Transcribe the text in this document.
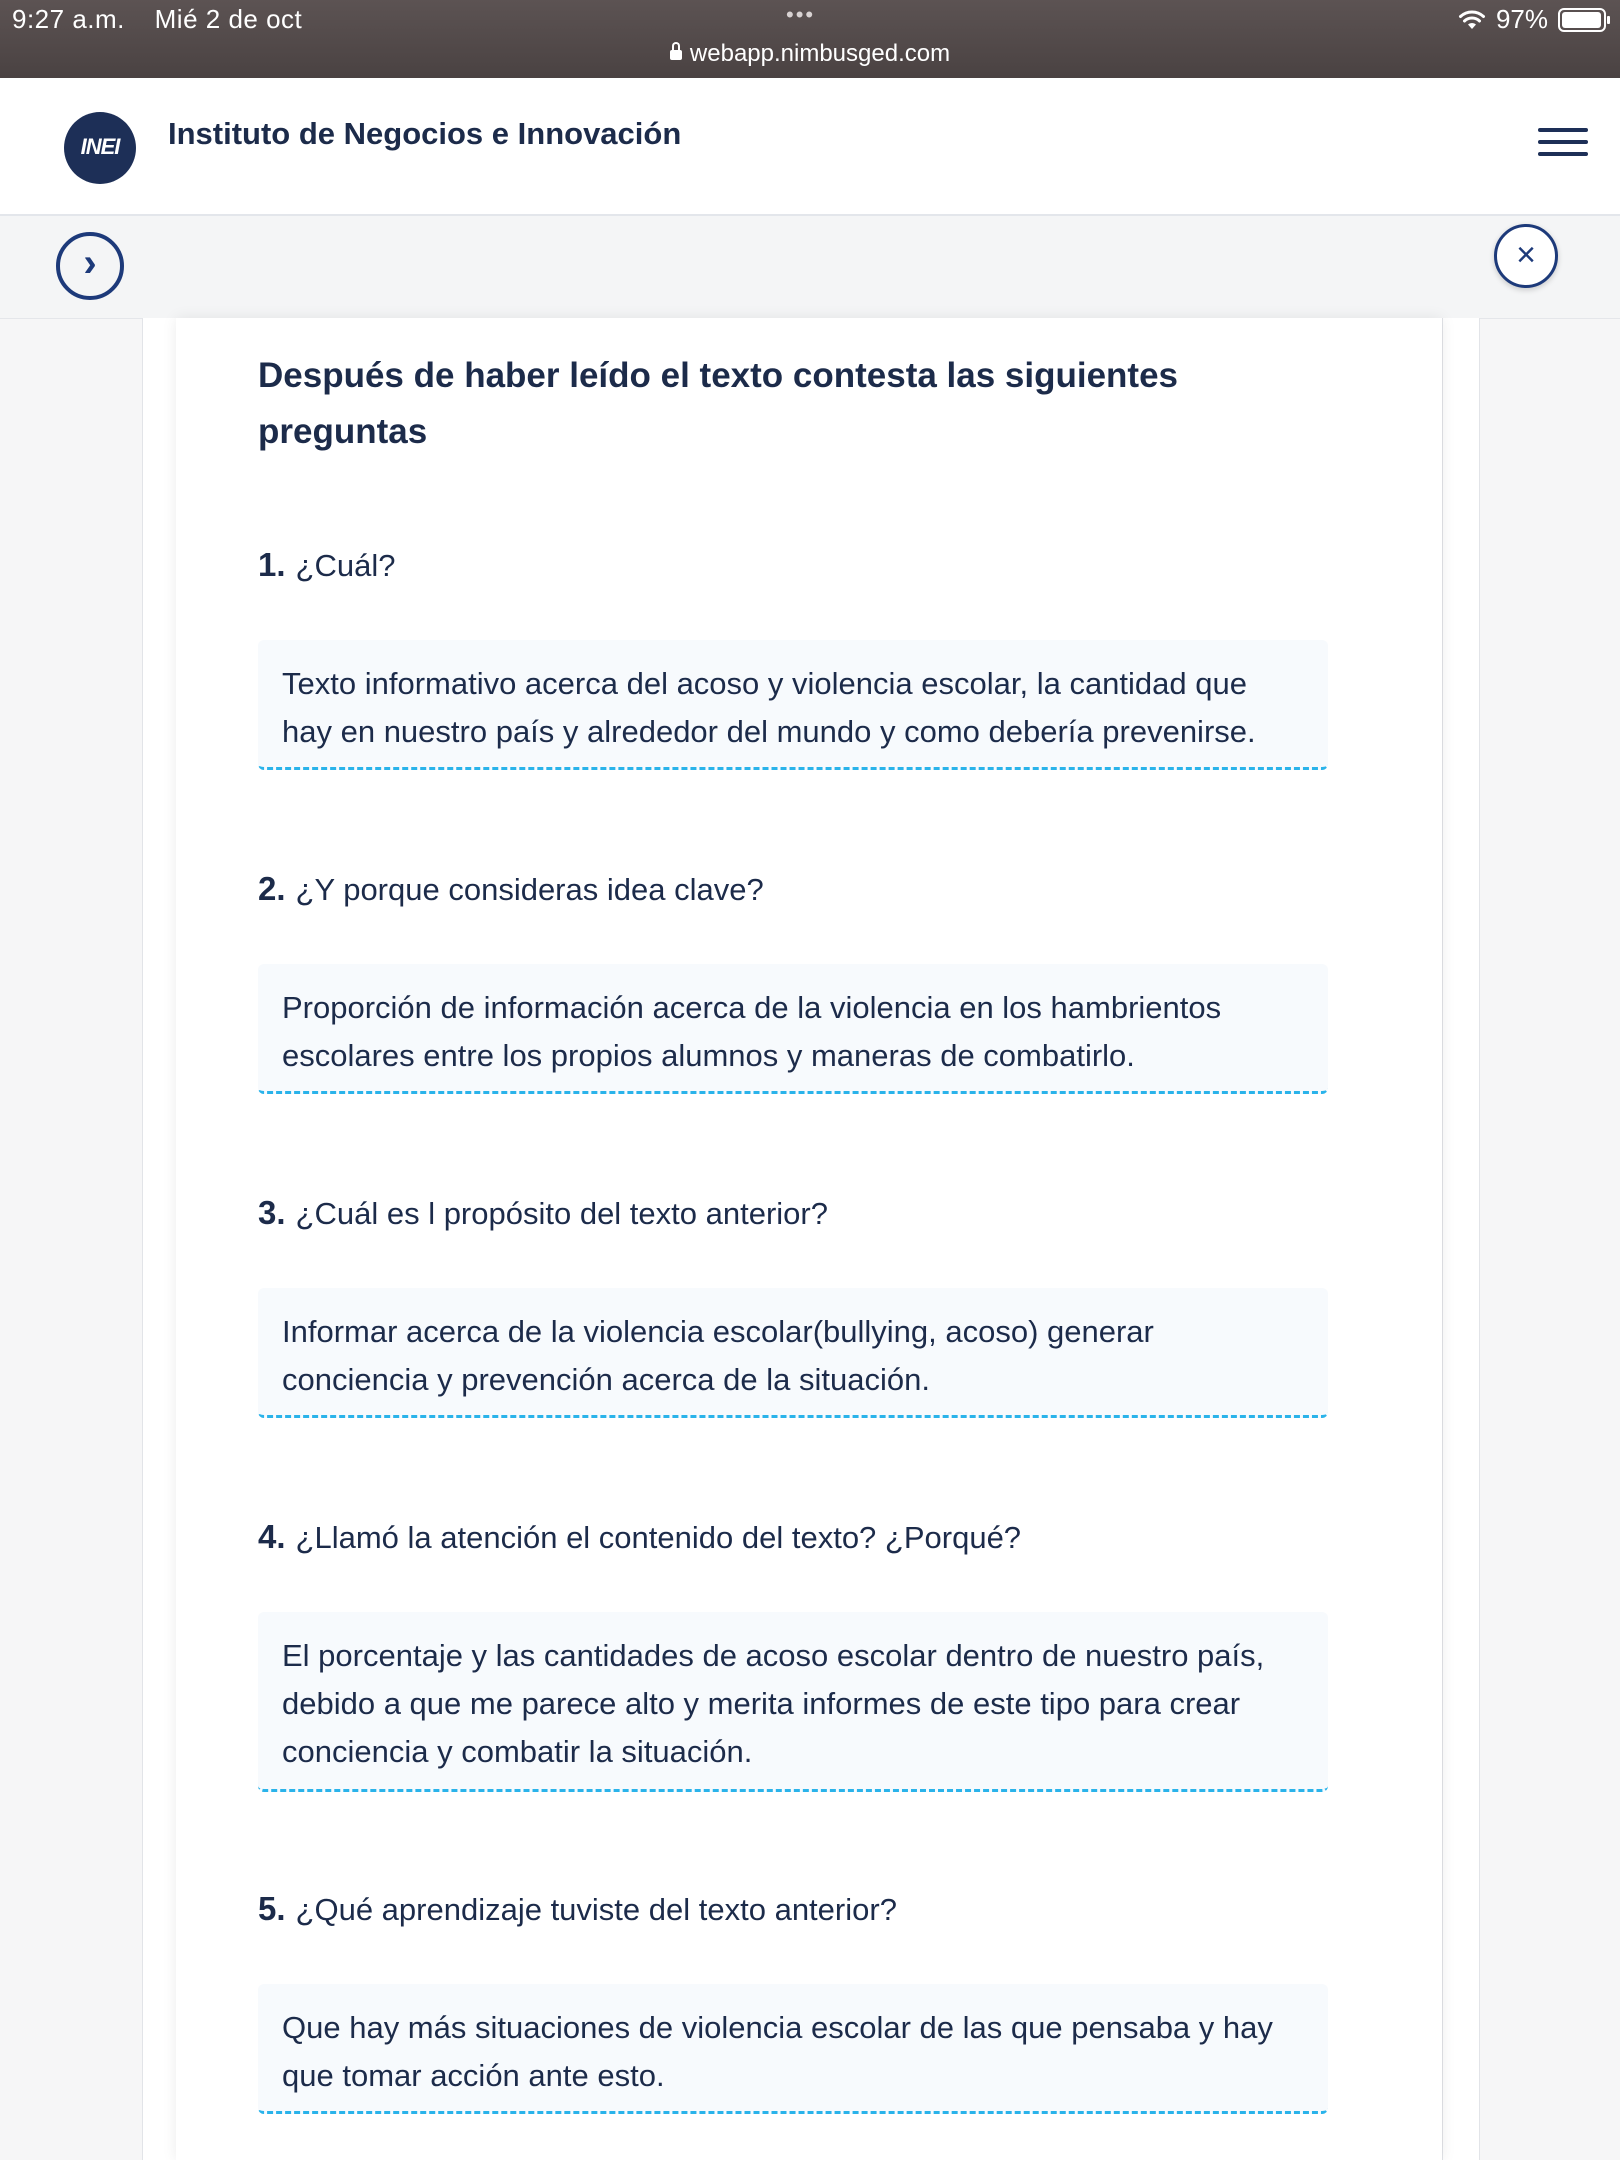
9:27 a.m. Mié 2 de oct	•••	97%
webapp.nimbusged.com
INEI	Instituto de Negocios e Innovación
›	×
Después de haber leído el texto contesta las siguientes preguntas
1. ¿Cuál?
Texto informativo acerca del acoso y violencia escolar, la cantidad que
hay en nuestro país y alrededor del mundo y como debería prevenirse.
2. ¿Y porque consideras idea clave?
Proporción de información acerca de la violencia en los hambrientos
escolares entre los propios alumnos y maneras de combatirlo.
3. ¿Cuál es l propósito del texto anterior?
Informar acerca de la violencia escolar(bullying, acoso) generar
conciencia y prevención acerca de la situación.
4. ¿Llamó la atención el contenido del texto? ¿Porqué?
El porcentaje y las cantidades de acoso escolar dentro de nuestro país,
debido a que me parece alto y merita informes de este tipo para crear
conciencia y combatir la situación.
5. ¿Qué aprendizaje tuviste del texto anterior?
Que hay más situaciones de violencia escolar de las que pensaba y hay
que tomar acción ante esto.
